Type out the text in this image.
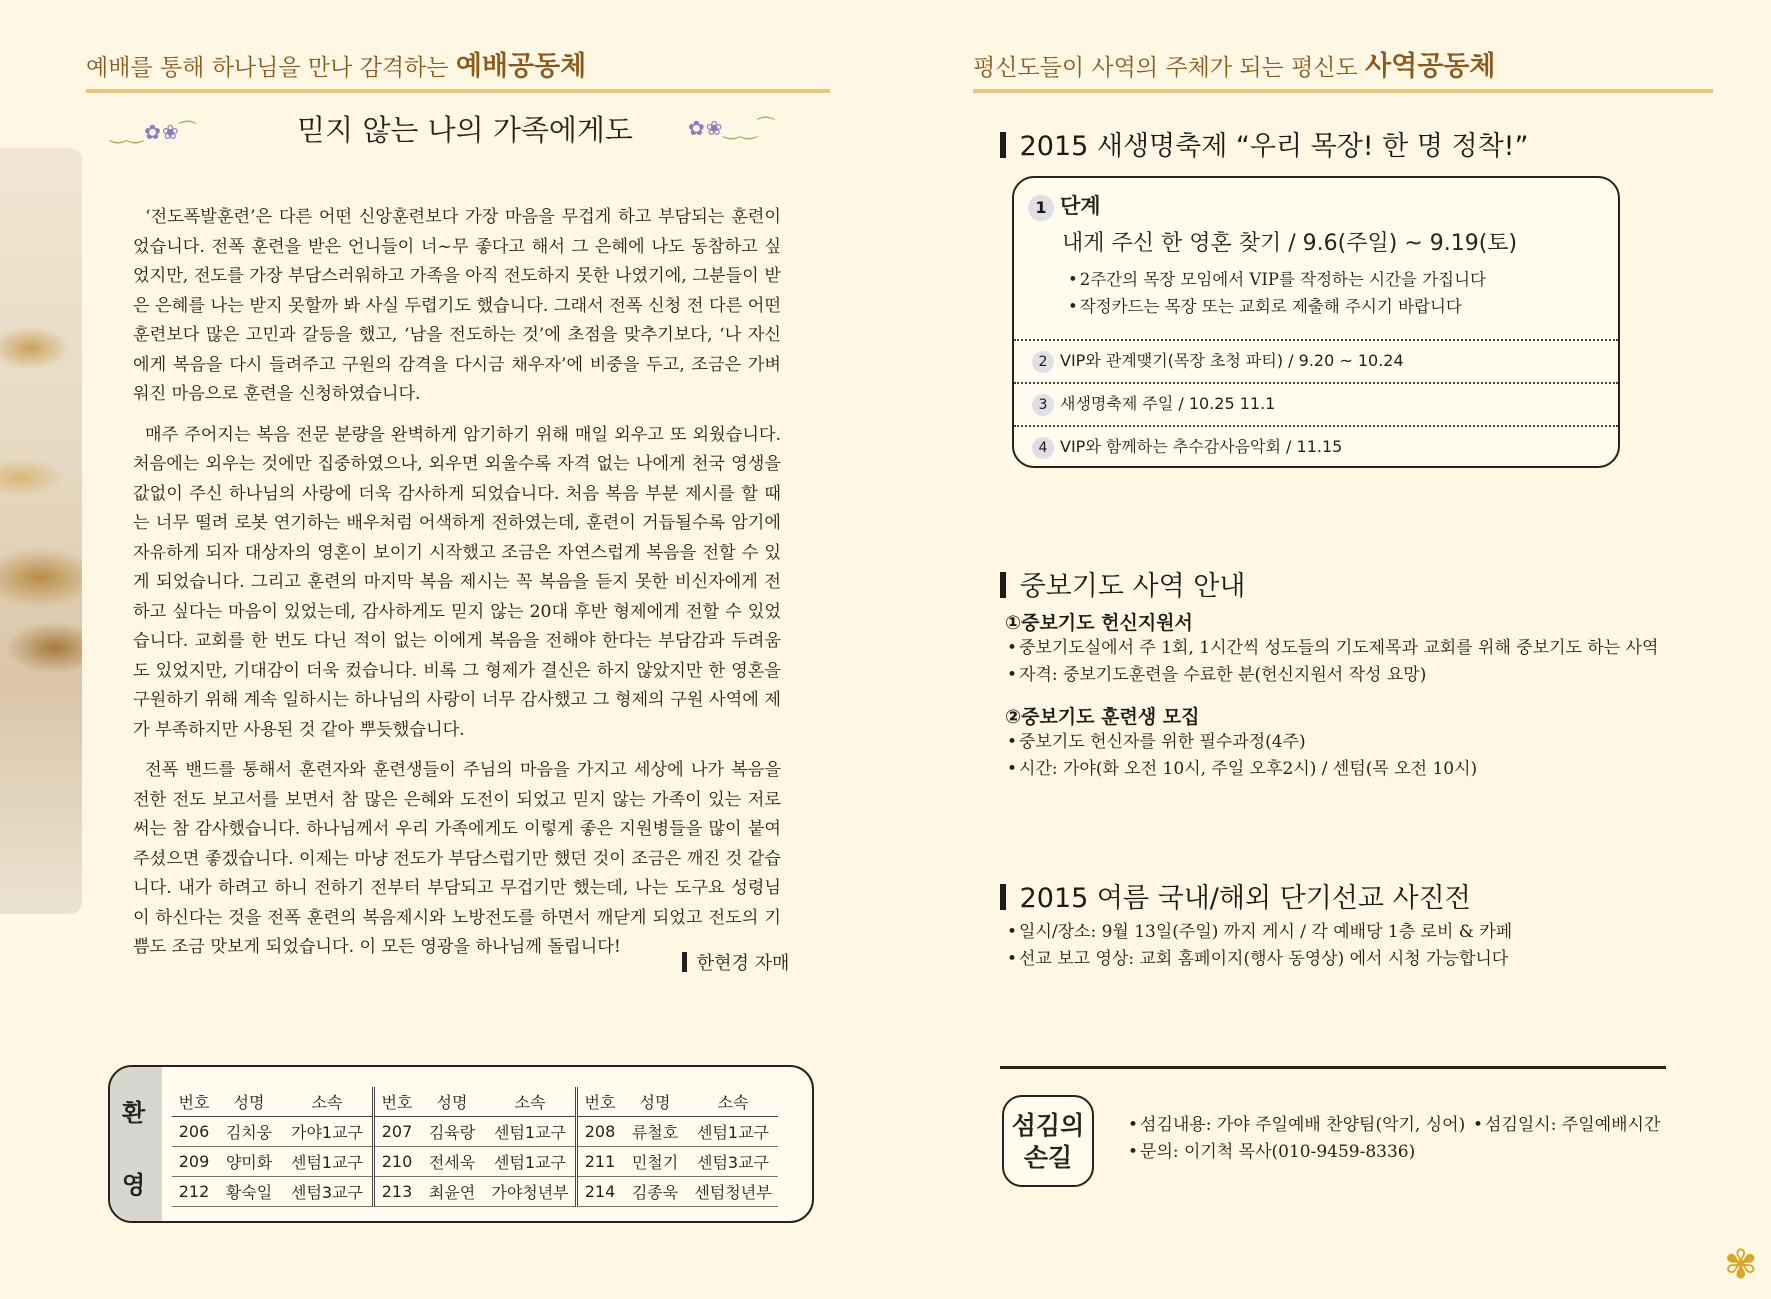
예배를 통해 하나님을 만나 감격하는 예배공동체	평신도들이 사역의 주체가 되는 평신도 사역공동체
‿‿✿❀⁀	✿❀‿‿⁀
믿지 않는 나의 가족에게도

‘전도폭발훈련’은 다른 어떤 신앙훈련보다 가장 마음을 무겁게 하고 부담되는 훈련이었습니다. 전폭 훈련을 받은 언니들이 너~무 좋다고 해서 그 은혜에 나도 동참하고 싶었지만, 전도를 가장 부담스러워하고 가족을 아직 전도하지 못한 나였기에, 그분들이 받은 은혜를 나는 받지 못할까 봐 사실 두렵기도 했습니다. 그래서 전폭 신청 전 다른 어떤 훈련보다 많은 고민과 갈등을 했고, ‘남을 전도하는 것’에 초점을 맞추기보다, ‘나 자신에게 복음을 다시 들려주고 구원의 감격을 다시금 채우자’에 비중을 두고, 조금은 가벼워진 마음으로 훈련을 신청하였습니다.

매주 주어지는 복음 전문 분량을 완벽하게 암기하기 위해 매일 외우고 또 외웠습니다. 처음에는 외우는 것에만 집중하였으나, 외우면 외울수록 자격 없는 나에게 천국 영생을 값없이 주신 하나님의 사랑에 더욱 감사하게 되었습니다. 처음 복음 부분 제시를 할 때는 너무 떨려 로봇 연기하는 배우처럼 어색하게 전하였는데, 훈련이 거듭될수록 암기에 자유하게 되자 대상자의 영혼이 보이기 시작했고 조금은 자연스럽게 복음을 전할 수 있게 되었습니다. 그리고 훈련의 마지막 복음 제시는 꼭 복음을 듣지 못한 비신자에게 전하고 싶다는 마음이 있었는데, 감사하게도 믿지 않는 20대 후반 형제에게 전할 수 있었습니다. 교회를 한 번도 다닌 적이 없는 이에게 복음을 전해야 한다는 부담감과 두려움도 있었지만, 기대감이 더욱 컸습니다. 비록 그 형제가 결신은 하지 않았지만 한 영혼을 구원하기 위해 계속 일하시는 하나님의 사랑이 너무 감사했고 그 형제의 구원 사역에 제가 부족하지만 사용된 것 같아 뿌듯했습니다.

전폭 밴드를 통해서 훈련자와 훈련생들이 주님의 마음을 가지고 세상에 나가 복음을 전한 전도 보고서를 보면서 참 많은 은혜와 도전이 되었고 믿지 않는 가족이 있는 저로써는 참 감사했습니다. 하나님께서 우리 가족에게도 이렇게 좋은 지원병들을 많이 붙여주셨으면 좋겠습니다. 이제는 마냥 전도가 부담스럽기만 했던 것이 조금은 깨진 것 같습니다. 내가 하려고 하니 전하기 전부터 부담되고 무겁기만 했는데, 나는 도구요 성령님이 하신다는 것을 전폭 훈련의 복음제시와 노방전도를 하면서 깨닫게 되었고 전도의 기쁨도 조금 맛보게 되었습니다. 이 모든 영광을 하나님께 돌립니다!

한현경 자매
2015 새생명축제 “우리 목장! 한 명 정착!”
1 단계
내게 주신 한 영혼 찾기 / 9.6(주일) ~ 9.19(토)
• 2주간의 목장 모임에서 VIP를 작정하는 시간을 가집니다
• 작정카드는 목장 또는 교회로 제출해 주시기 바랍니다
2 VIP와 관계맺기(목장 초청 파티) / 9.20 ~ 10.24
3 새생명축제 주일 / 10.25 11.1
4 VIP와 함께하는 추수감사음악회 / 11.15
중보기도 사역 안내
①중보기도 헌신지원서
• 중보기도실에서 주 1회, 1시간씩 성도들의 기도제목과 교회를 위해 중보기도 하는 사역
• 자격: 중보기도훈련을 수료한 분(헌신지원서 작성 요망)
②중보기도 훈련생 모집
• 중보기도 헌신자를 위한 필수과정(4주)
• 시간: 가야(화 오전 10시, 주일 오후2시) / 센텀(목 오전 10시)
2015 여름 국내/해외 단기선교 사진전
• 일시/장소: 9월 13일(주일) 까지 게시 / 각 예배당 1층 로비 & 카페
• 선교 보고 영상: 교회 홈페이지(행사 동영상) 에서 시청 가능합니다
섬김의
손길
• 섬김내용: 가야 주일예배 찬양팀(악기, 싱어)	• 섬김일시: 주일예배시간
• 문의: 이기척 목사(010-9459-8336)
환
영
번호	성명	소속	번호	성명	소속	번호	성명	소속
206	김치웅	가야1교구	207	김육랑	센텀1교구	208	류철호	센텀1교구
209	양미화	센텀1교구	210	전세욱	센텀1교구	211	민철기	센텀3교구
212	황숙일	센텀3교구	213	최윤연	가야청년부	214	김종욱	센텀청년부
✾
